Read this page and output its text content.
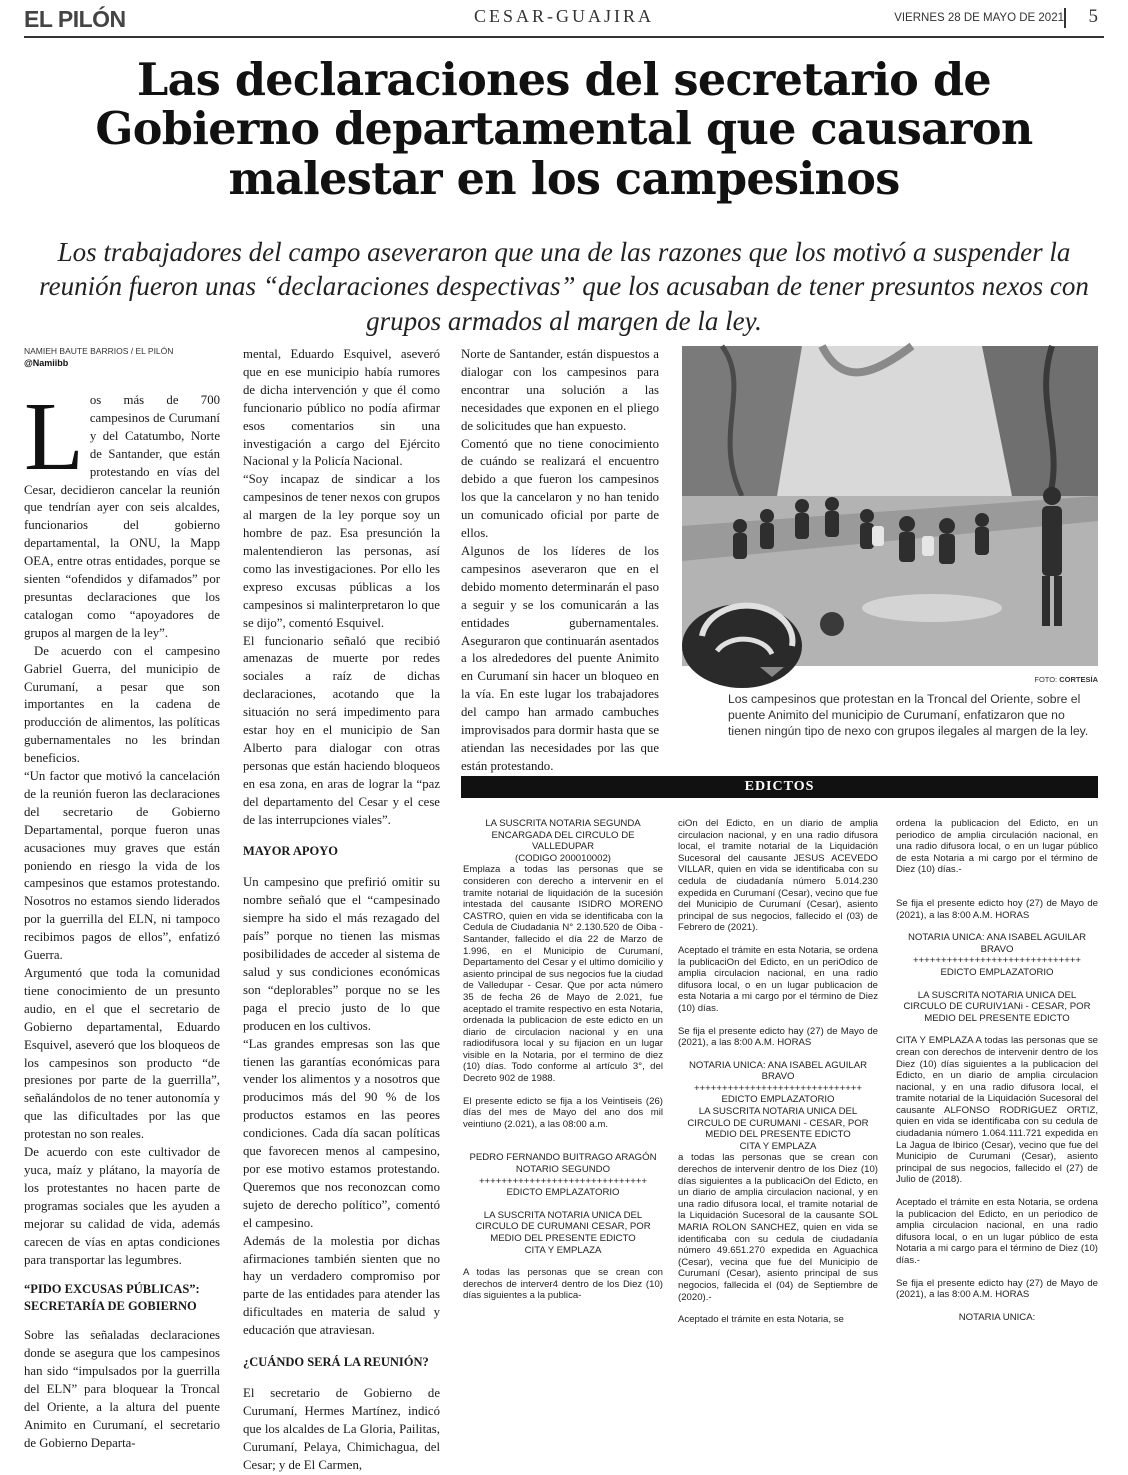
EL PILÓN	CESAR-GUAJIRA	VIERNES 28 DE MAYO DE 2021 5
Las declaraciones del secretario de Gobierno departamental que causaron malestar en los campesinos
Los trabajadores del campo aseveraron que una de las razones que los motivó a suspender la reunión fueron unas “declaraciones despectivas” que los acusaban de tener presuntos nexos con grupos armados al margen de la ley.
NAMIEH BAUTE BARRIOS / EL PILÓN
@Namiibb

Los más de 700 campesinos de Curumaní y del Catatumbo, Norte de Santander, que están protestando en vías del Cesar, decidieron cancelar la reunión que tendrían ayer con seis alcaldes, funcionarios del gobierno departamental, la ONU, la Mapp OEA, entre otras entidades, porque se sienten “ofendidos y difamados” por presuntas declaraciones que los catalogan como “apoyadores de grupos al margen de la ley”.

De acuerdo con el campesino Gabriel Guerra, del municipio de Curumaní, a pesar que son importantes en la cadena de producción de alimentos, las políticas gubernamentales no les brindan beneficios.

“Un factor que motivó la cancelación de la reunión fueron las declaraciones del secretario de Gobierno Departamental, porque fueron unas acusaciones muy graves que están poniendo en riesgo la vida de los campesinos que estamos protestando. Nosotros no estamos siendo liderados por la guerrilla del ELN, ni tampoco recibimos pagos de ellos”, enfatizó Guerra.

Argumentó que toda la comunidad tiene conocimiento de un presunto audio, en el que el secretario de Gobierno departamental, Eduardo Esquivel, aseveró que los bloqueos de los campesinos son producto “de presiones por parte de la guerrilla”, señalándolos de no tener autonomía y que las dificultades por las que protestan no son reales.

De acuerdo con este cultivador de yuca, maíz y plátano, la mayoría de los protestantes no hacen parte de programas sociales que les ayuden a mejorar su calidad de vida, además carecen de vías en aptas condiciones para transportar las legumbres.

“PIDO EXCUSAS PÚBLICAS”: SECRETARÍA DE GOBIERNO

Sobre las señaladas declaraciones donde se asegura que los campesinos han sido “impulsados por la guerrilla del ELN” para bloquear la Troncal del Oriente, a la altura del puente Animito en Curumaní, el secretario de Gobierno Departa-

mental, Eduardo Esquivel, aseveró que en ese municipio había rumores de dicha intervención y que él como funcionario público no podía afirmar esos comentarios sin una investigación a cargo del Ejército Nacional y la Policía Nacional.

“Soy incapaz de sindicar a los campesinos de tener nexos con grupos al margen de la ley porque soy un hombre de paz. Esa presunción la malentendieron las personas, así como las investigaciones. Por ello les expreso excusas públicas a los campesinos si malinterpretaron lo que se dijo”, comentó Esquivel.

El funcionario señaló que recibió amenazas de muerte por redes sociales a raíz de dichas declaraciones, acotando que la situación no será impedimento para estar hoy en el municipio de San Alberto para dialogar con otras personas que están haciendo bloqueos en esa zona, en aras de lograr la “paz del departamento del Cesar y el cese de las interrupciones viales”.

MAYOR APOYO

Un campesino que prefirió omitir su nombre señaló que el “campesinado siempre ha sido el más rezagado del país” porque no tienen las mismas posibilidades de acceder al sistema de salud y sus condiciones económicas son “deplorables” porque no se les paga el precio justo de lo que producen en los cultivos.

“Las grandes empresas son las que tienen las garantías económicas para vender los alimentos y a nosotros que producimos más del 90 % de los productos estamos en las peores condiciones. Cada día sacan políticas que favorecen menos al campesino, por ese motivo estamos protestando. Queremos que nos reconozcan como sujeto de derecho político”, comentó el campesino.

Además de la molestia por dichas afirmaciones también sienten que no hay un verdadero compromiso por parte de las entidades para atender las dificultades en materia de salud y educación que atraviesan.

¿CUÁNDO SERÁ LA REUNIÓN?

El secretario de Gobierno de Curumaní, Hermes Martínez, indicó que los alcaldes de La Gloria, Pailitas, Curumaní, Pelaya, Chimichagua, del Cesar; y de El Carmen,

Norte de Santander, están dispuestos a dialogar con los campesinos para encontrar una solución a las necesidades que exponen en el pliego de solicitudes que han expuesto.

Comentó que no tiene conocimiento de cuándo se realizará el encuentro debido a que fueron los campesinos los que la cancelaron y no han tenido un comunicado oficial por parte de ellos.

Algunos de los líderes de los campesinos aseveraron que en el debido momento determinarán el paso a seguir y se los comunicarán a las entidades gubernamentales. Aseguraron que continuarán asentados a los alrededores del puente Animito en Curumaní sin hacer un bloqueo en la vía. En este lugar los trabajadores del campo han armado cambuches improvisados para dormir hasta que se atiendan las necesidades por las que están protestando.

FOTO: CORTESÍA
Los campesinos que protestan en la Troncal del Oriente, sobre el puente Animito del municipio de Curumaní, enfatizaron que no tienen ningún tipo de nexo con grupos ilegales al margen de la ley.
EDICTOS
LA SUSCRITA NOTARIA SEGUNDA ENCARGADA DEL CIRCULO DE VALLEDUPAR
(CODIGO 200010002)

Emplaza a todas las personas que se consideren con derecho a intervenir en el tramite notarial de liquidación de la sucesión intestada del causante ISIDRO MORENO CASTRO, quien en vida se identificaba con la Cedula de Ciudadania N° 2.130.520 de Oiba - Santander, fallecido el día 22 de Marzo de 1.996, en el Municipio de Curumaní, Departamento del Cesar y el ultimo domicilio y asiento principal de sus negocios fue la ciudad de Valledupar - Cesar. Que por acta número 35 de fecha 26 de Mayo de 2.021, fue aceptado el tramite respectivo en esta Notaria, ordenada la publicacion de este edicto en un diario de circulacion nacional y en una radiodifusora local y su fijacion en un lugar visible en la Notaria, por el termino de diez (10) días. Todo conforme al artículo 3°, del Decreto 902 de 1988.

El presente edicto se fija a los Veintiseis (26) días del mes de Mayo del ano dos mil veintiuno (2.021), a las 08:00 a.m.

PEDRO FERNANDO BUITRAGO ARAGÓN
NOTARIO SEGUNDO
++++++++++++++++++++++++++++++
EDICTO EMPLAZATORIO
LA SUSCRITA NOTARIA UNICA DEL CIRCULO DE CURUMANI CESAR, POR MEDIO DEL PRESENTE EDICTO
CITA Y EMPLAZA

A todas las personas que se crean con derechos de interver4 dentro de los Diez (10) días siguientes a la publica-

ciOn del Edicto, en un diario de amplia circulacion nacional, y en una radio difusora local, el tramite notarial de la Liquidación Sucesoral del causante JESUS ACEVEDO VILLAR, quien en vida se identificaba con su cedula de ciudadanía número 5.014.230 expedida en Curumaní (Cesar), vecino que fue del Municipio de Curumaní (Cesar), asiento principal de sus negocios, fallecido el (03) de Febrero de (2021).

Aceptado el trámite en esta Notaria, se ordena la publicaciOn del Edicto, en un periOdico de amplia circulacion nacional, en una radio difusora local, o en un lugar publicacion de esta Notaria a mi cargo por el término de Diez (10) días.

Se fija el presente edicto hay (27) de Mayo de (2021), a las 8:00 A.M. HORAS

NOTARIA UNICA: ANA ISABEL AGUILAR BRAVO
++++++++++++++++++++++++++++++
EDICTO EMPLAZATORIO
LA SUSCRITA NOTARIA UNICA DEL CIRCULO DE CURUMANI - CESAR, POR MEDIO DEL PRESENTE EDICTO
CITA Y EMPLAZA

a todas las personas que se crean con derechos de intervenir dentro de los Diez (10) días siguientes a la publicaciOn del Edicto, en un diario de amplia circulacion nacional, y en una radio difusora local, el tramite notarial de la Liquidación Sucesoral de la causante SOL MARIA ROLON SANCHEZ, quien en vida se identificaba con su cedula de ciudadanía número 49.651.270 expedida en Aguachica (Cesar), vecina que fue del Municipio de Curumaní (Cesar), asiento principal de sus negocios, fallecida el (04) de Septiembre de (2020).-

Aceptado el trámite en esta Notaria, se

ordena la publicacion del Edicto, en un periodico de amplia circulación nacional, en una radio difusora local, o en un lugar público de esta Notaria a mi cargo por el término de Diez (10) días.-

Se fija el presente edicto hoy (27) de Mayo de (2021), a las 8:00 A.M. HORAS

NOTARIA UNICA: ANA ISABEL AGUILAR BRAVO
++++++++++++++++++++++++++++++
EDICTO EMPLAZATORIO
LA SUSCRITA NOTARIA UNICA DEL CIRCULO DE CURUIV1ANi - CESAR, POR MEDIO DEL PRESENTE EDICTO

CITA Y EMPLAZA A todas las personas que se crean con derechos de intervenir dentro de los Diez (10) días siguientes a la publicacion del Edicto, en un diario de amplia circulacion nacional, y en una radio difusora local, el tramite notarial de la Liquidación Sucesoral del causante ALFONSO RODRIGUEZ ORTIZ, quien en vida se identificaba con su cedula de ciudadania número 1.064.111.721 expedida en La Jagua de Ibirico (Cesar), vecino que fue del Municipio de Curumani (Cesar), asiento principal de sus negocios, fallecido el (27) de Julio de (2018).

Aceptado el trámite en esta Notaria, se ordena la publicacion del Edicto, en un periodico de amplia circulacion nacional, en una radio difusora local, o en un lugar público de esta Notaria a mi cargo para el término de Diez (10) días.-

Se fija el presente edicto hay (27) de Mayo de (2021), a las 8:00 A.M. HORAS

NOTARIA UNICA:
